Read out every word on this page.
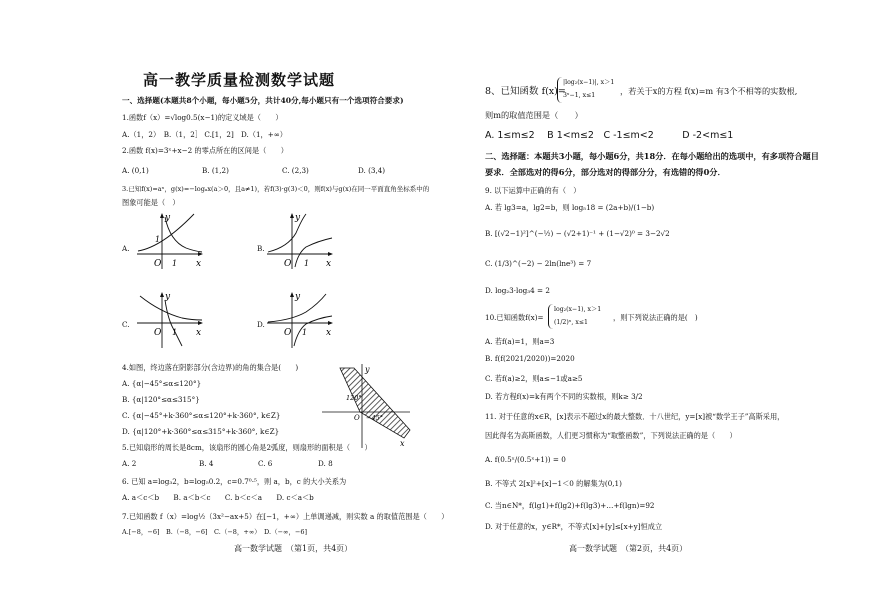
高一教学质量检测数学试题
一、选择题(本题共8个小题，每小题5分，共计40分,每小题只有一个选项符合要求)
1.函数f（x）=√log0.5(x−1)的定义域是（　　）
A.（1，2）　B.（1，2］ C.[1，2]　D.（1，+∞）
2.函数 f(x)=3ˣ+x−2 的零点所在的区间是（　　）
A. (0,1)	B. (1,2)	C. (2,3)	D. (3,4)
3.已知f(x)=aˣ，g(x)=−logₐx(a＞0，且a≠1)，若f(3)·g(3)＜0，则f(x)与g(x)在同一平面直角坐标系中的
图象可能是（　）
A.	B.
C.	D.
y
x
O 1
1
y
x
O 1
y
x
O 1
y
x
O 1
4.如图，终边落在阴影部分(含边界)的角的集合是(　　)
A. {α|−45°≤α≤120°}
B. {α|120°≤α≤315°}
C. {α|−45°+k·360°≤α≤120°+k·360°, k∈Z}
D. {α|120°+k·360°≤α≤315°+k·360°, k∈Z}
y
120°
O −45°
x
5.已知扇形的周长是8cm，该扇形的圆心角是2弧度，则扇形的面积是（　　）
A. 2	B. 4	C. 6	D. 8
6. 已知 a=log₃2，b=log₅0.2，c=0.7⁰·⁵，则 a，b，c 的大小关系为
A. a＜c＜b　　B. a＜b＜c　　C. b＜c＜a　　D. c＜a＜b
7.已知函数 f（x）=log½（3x²−ax+5）在[−1，+∞）上单调递减，则实数 a 的取值范围是（　　）
A.[−8，−6]　B.（−8，−6]　C.（−8，+∞）　D.（−∞，−6]
高一数学试题　（第1页，共4页）
8、已知函数 f(x)=
|log₂(x−1)|, x＞1
3ˣ−1, x≤1	，若关于x的方程 f(x)=m 有3个不相等的实数根,
则m的取值范围是（　　）
A. 1≤m≤2　 B 1<m≤2　C -1≤m<2　　　D -2<m≤1
二、选择题：本题共3小题，每小题6分，共18分．在每小题给出的选项中，有多项符合题目
要求．全部选对的得6分，部分选对的得部分分，有选错的得0分．
9. 以下运算中正确的有（　）
A. 若 lg3=a，lg2=b，则 log₅18 = (2a+b)/(1−b)
B. [(√2−1)²]^(−½) − (√2+1)⁻¹ + (1−√2)⁰ = 3−2√2
C. (1/3)^(−2) − 2ln(lne³) = 7
D. log₂3·log₃4 = 2
10.已知函数f(x)=
log₂(x−1), x＞1
(1/2)ˣ, x≤1
，则下列说法正确的是(　)
A. 若f(a)=1，则a=3
B. f(f(2021/2020))=2020
C. 若f(a)≥2，则a≤−1或a≥5
D. 若方程f(x)=k有两个不同的实数根，则k≥ 3/2
11. 对于任意的x∈R，[x]表示不超过x的最大整数．十八世纪，y=[x]被“数学王子”高斯采用，
因此得名为高斯函数，人们更习惯称为“取整函数”，下列说法正确的是（　　）
A. f(0.5ˣ/(0.5ˣ+1)) = 0
B. 不等式 2[x]²+[x]−1＜0 的解集为(0,1)
C. 当n∈N*，f(lg1)+f(lg2)+f(lg3)+…+f(lgn)=92
D. 对于任意的x，y∈R*，不等式[x]+[y]≤[x+y]恒成立
高一数学试题　（第2页，共4页）
